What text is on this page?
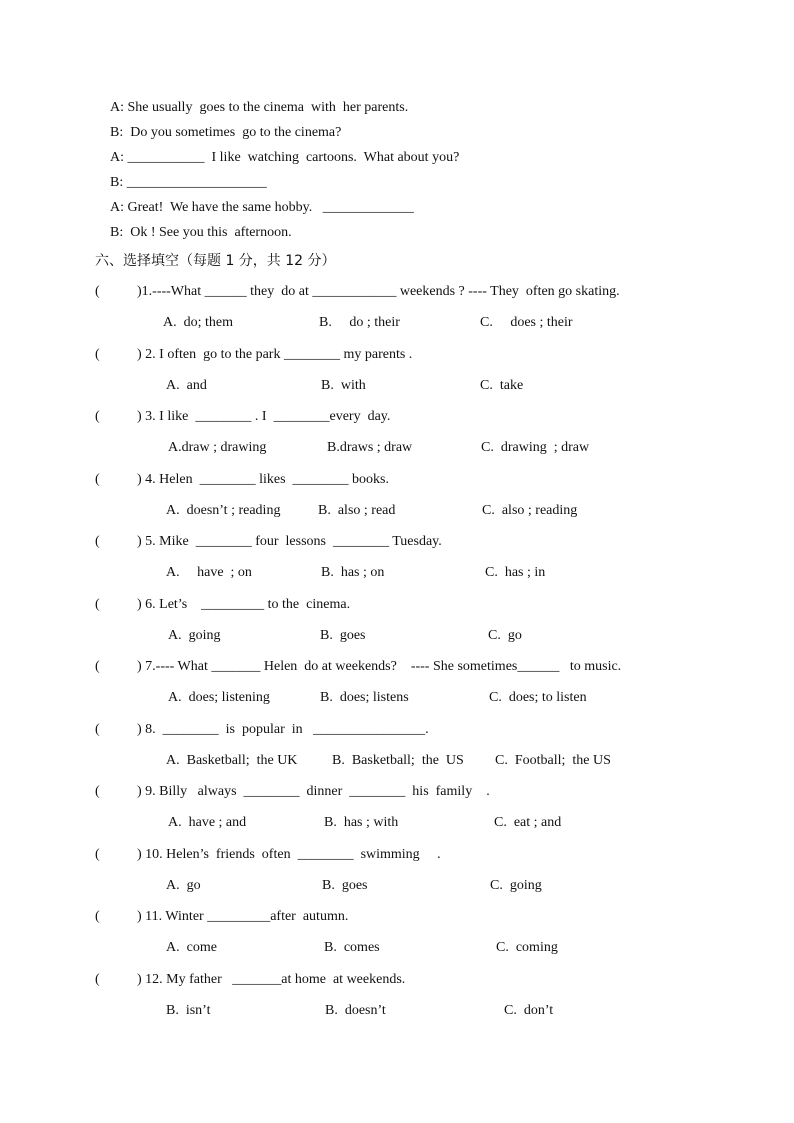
A: She usually  goes to the cinema  with  her parents.
B:  Do you sometimes  go to the cinema?
A: ___________  I like  watching  cartoons.  What about you?
B: ____________________
A: Great!  We have the same hobby.   _____________
B:  Ok ! See you this  afternoon.
六、选择填空（每题 1 分，共 12 分）
(	)1.----What ______ they  do at ____________ weekends ? ---- They  often go skating.
A.  do; them	B.     do ; their	C.     does ; their
(	) 2. I often  go to the park ________ my parents .
A.  and	B.  with	C.  take
(	) 3. I like  ________ . I  ________every  day.
A.draw ; drawing	B.draws ; draw	C.  drawing  ; draw
(	) 4. Helen  ________ likes  ________ books.
A.  doesn’t ; reading	B.  also ; read	C.  also ; reading
(	) 5. Mike  ________ four  lessons  ________ Tuesday.
A.     have  ; on	B.  has ; on	C.  has ; in
(	) 6. Let’s    _________ to the  cinema.
A.  going	B.  goes	C.  go
(	) 7.---- What _______ Helen  do at weekends?    ---- She sometimes______   to music.
A.  does; listening	B.  does; listens	C.  does; to listen
(	) 8.  ________  is  popular  in   ________________.
A.  Basketball;  the UK B.  Basketball;  the  US C.  Football;  the US
(	) 9. Billy   always  ________  dinner  ________  his  family    .
A.  have ; and	B.  has ; with	C.  eat ; and
(	) 10. Helen’s  friends  often  ________  swimming     .
A.  go	B.  goes	C.  going
(	) 11. Winter _________after  autumn.
A.  come	B.  comes	C.  coming
(	) 12. My father   _______at home  at weekends.
B.  isn’t	B.  doesn’t	C.  don’t
